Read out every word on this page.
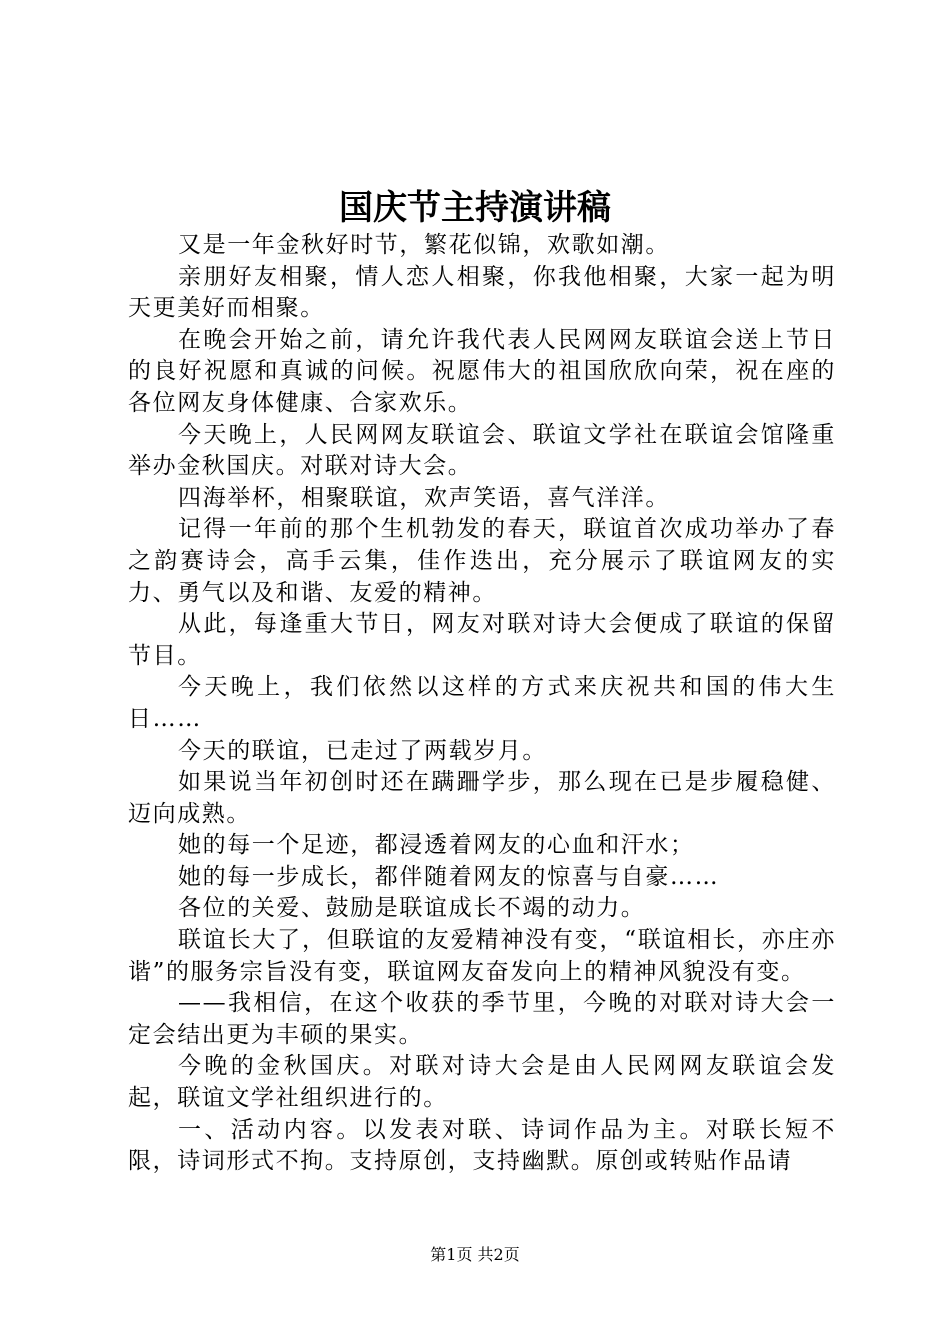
国庆节主持演讲稿

又是一年金秋好时节，繁花似锦，欢歌如潮。

亲朋好友相聚，情人恋人相聚，你我他相聚，大家一起为明天更美好而相聚。

在晚会开始之前，请允许我代表人民网网友联谊会送上节日的良好祝愿和真诚的问候。祝愿伟大的祖国欣欣向荣，祝在座的各位网友身体健康、合家欢乐。

今天晚上，人民网网友联谊会、联谊文学社在联谊会馆隆重举办金秋国庆。对联对诗大会。

四海举杯，相聚联谊，欢声笑语，喜气洋洋。

记得一年前的那个生机勃发的春天，联谊首次成功举办了春之韵赛诗会，高手云集，佳作迭出，充分展示了联谊网友的实力、勇气以及和谐、友爱的精神。

从此，每逢重大节日，网友对联对诗大会便成了联谊的保留节目。

今天晚上，我们依然以这样的方式来庆祝共和国的伟大生日……

今天的联谊，已走过了两载岁月。

如果说当年初创时还在蹒跚学步，那么现在已是步履稳健、迈向成熟。

她的每一个足迹，都浸透着网友的心血和汗水；

她的每一步成长，都伴随着网友的惊喜与自豪……

各位的关爱、鼓励是联谊成长不竭的动力。

联谊长大了，但联谊的友爱精神没有变，“联谊相长，亦庄亦谐”的服务宗旨没有变，联谊网友奋发向上的精神风貌没有变。

——我相信，在这个收获的季节里，今晚的对联对诗大会一定会结出更为丰硕的果实。

今晚的金秋国庆。对联对诗大会是由人民网网友联谊会发起，联谊文学社组织进行的。

一、活动内容。以发表对联、诗词作品为主。对联长短不限，诗词形式不拘。支持原创，支持幽默。原创或转贴作品请

第1页 共2页
